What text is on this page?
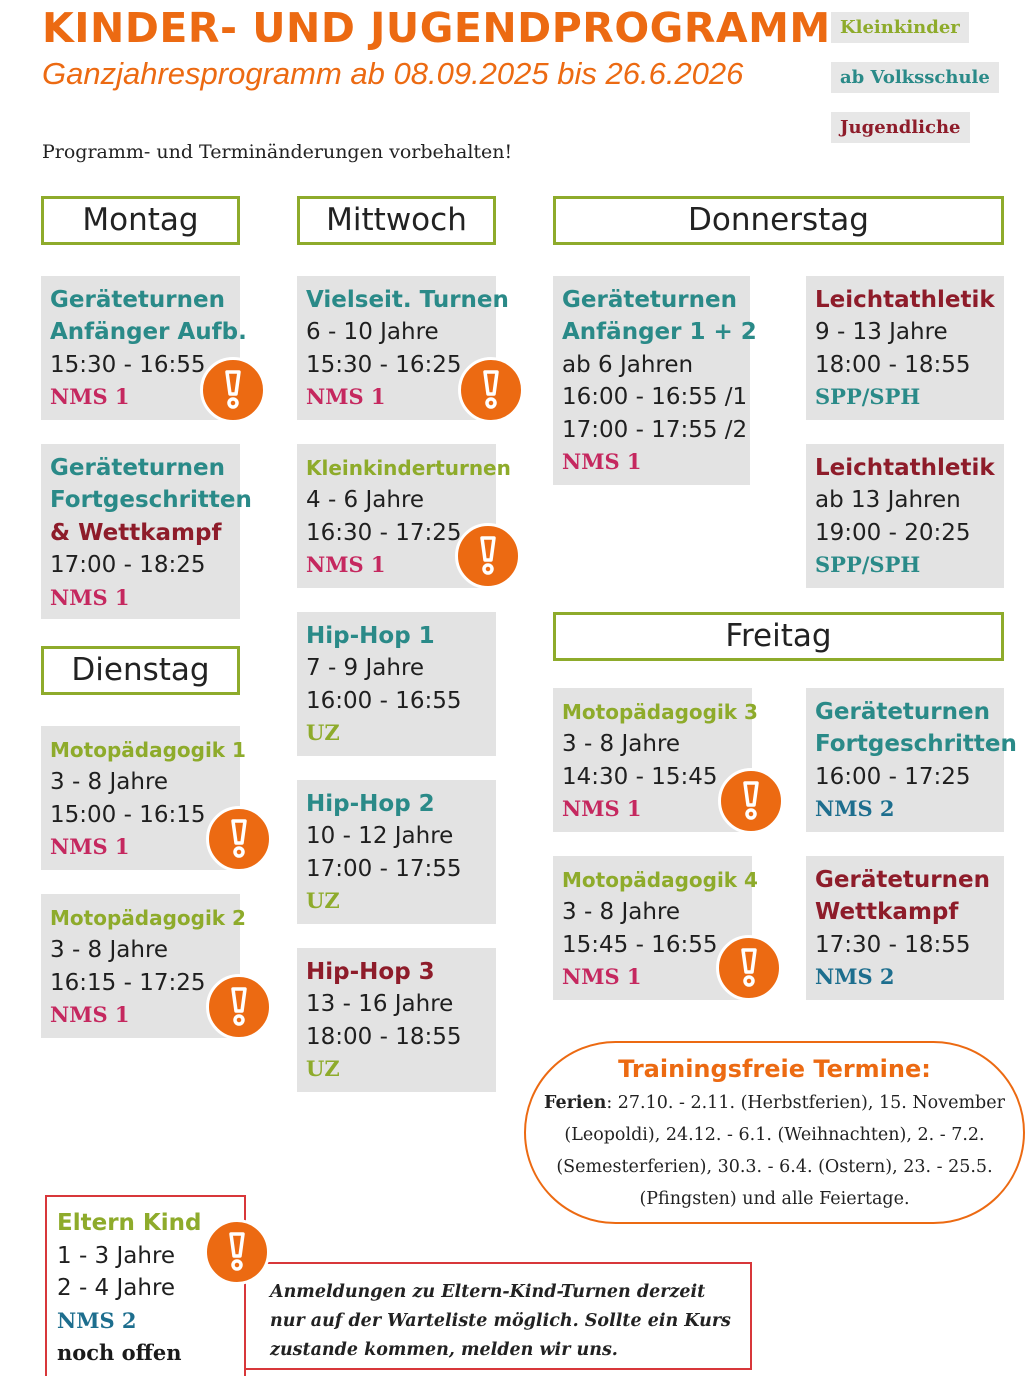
KINDER- UND JUGENDPROGRAMM
Ganzjahresprogramm ab 08.09.2025 bis 26.6.2026
Programm- und Terminänderungen vorbehalten!
Kleinkinder
ab Volksschule
Jugendliche
Montag
Dienstag
Mittwoch	Donnerstag
Freitag
Geräteturnen
Anfänger Aufb.
15:30 - 16:55
NMS 1
Geräteturnen
Fortgeschritten
& Wettkampf
17:00 - 18:25
NMS 1
Motopädagogik 1
3 - 8 Jahre
15:00 - 16:15
NMS 1
Motopädagogik 2
3 - 8 Jahre
16:15 - 17:25
NMS 1
Vielseit. Turnen
6 - 10 Jahre
15:30 - 16:25
NMS 1
Kleinkinderturnen
4 - 6 Jahre
16:30 - 17:25
NMS 1
Hip-Hop 1
7 - 9 Jahre
16:00 - 16:55
UZ
Hip-Hop 2
10 - 12 Jahre
17:00 - 17:55
UZ
Hip-Hop 3
13 - 16 Jahre
18:00 - 18:55
UZ
Geräteturnen
Anfänger 1 + 2
ab 6 Jahren
16:00 - 16:55 /1
17:00 - 17:55 /2
NMS 1
Leichtathletik
9 - 13 Jahre
18:00 - 18:55
SPP/SPH
Leichtathletik
ab 13 Jahren
19:00 - 20:25
SPP/SPH
Motopädagogik 3
3 - 8 Jahre
14:30 - 15:45
NMS 1
Motopädagogik 4
3 - 8 Jahre
15:45 - 16:55
NMS 1
Geräteturnen
Fortgeschritten
16:00 - 17:25
NMS 2
Geräteturnen
Wettkampf
17:30 - 18:55
NMS 2
Trainingsfreie Termine:
Ferien: 27.10. - 2.11. (Herbstferien), 15. November (Leopoldi), 24.12. - 6.1. (Weihnachten), 2. - 7.2. (Semesterferien), 30.3. - 6.4. (Ostern), 23. - 25.5. (Pfingsten) und alle Feiertage.
Anmeldungen zu Eltern-Kind-Turnen derzeit nur auf der Warteliste möglich. Sollte ein Kurs zustande kommen, melden wir uns.
Eltern Kind
1 - 3 Jahre
2 - 4 Jahre
NMS 2
noch offen
